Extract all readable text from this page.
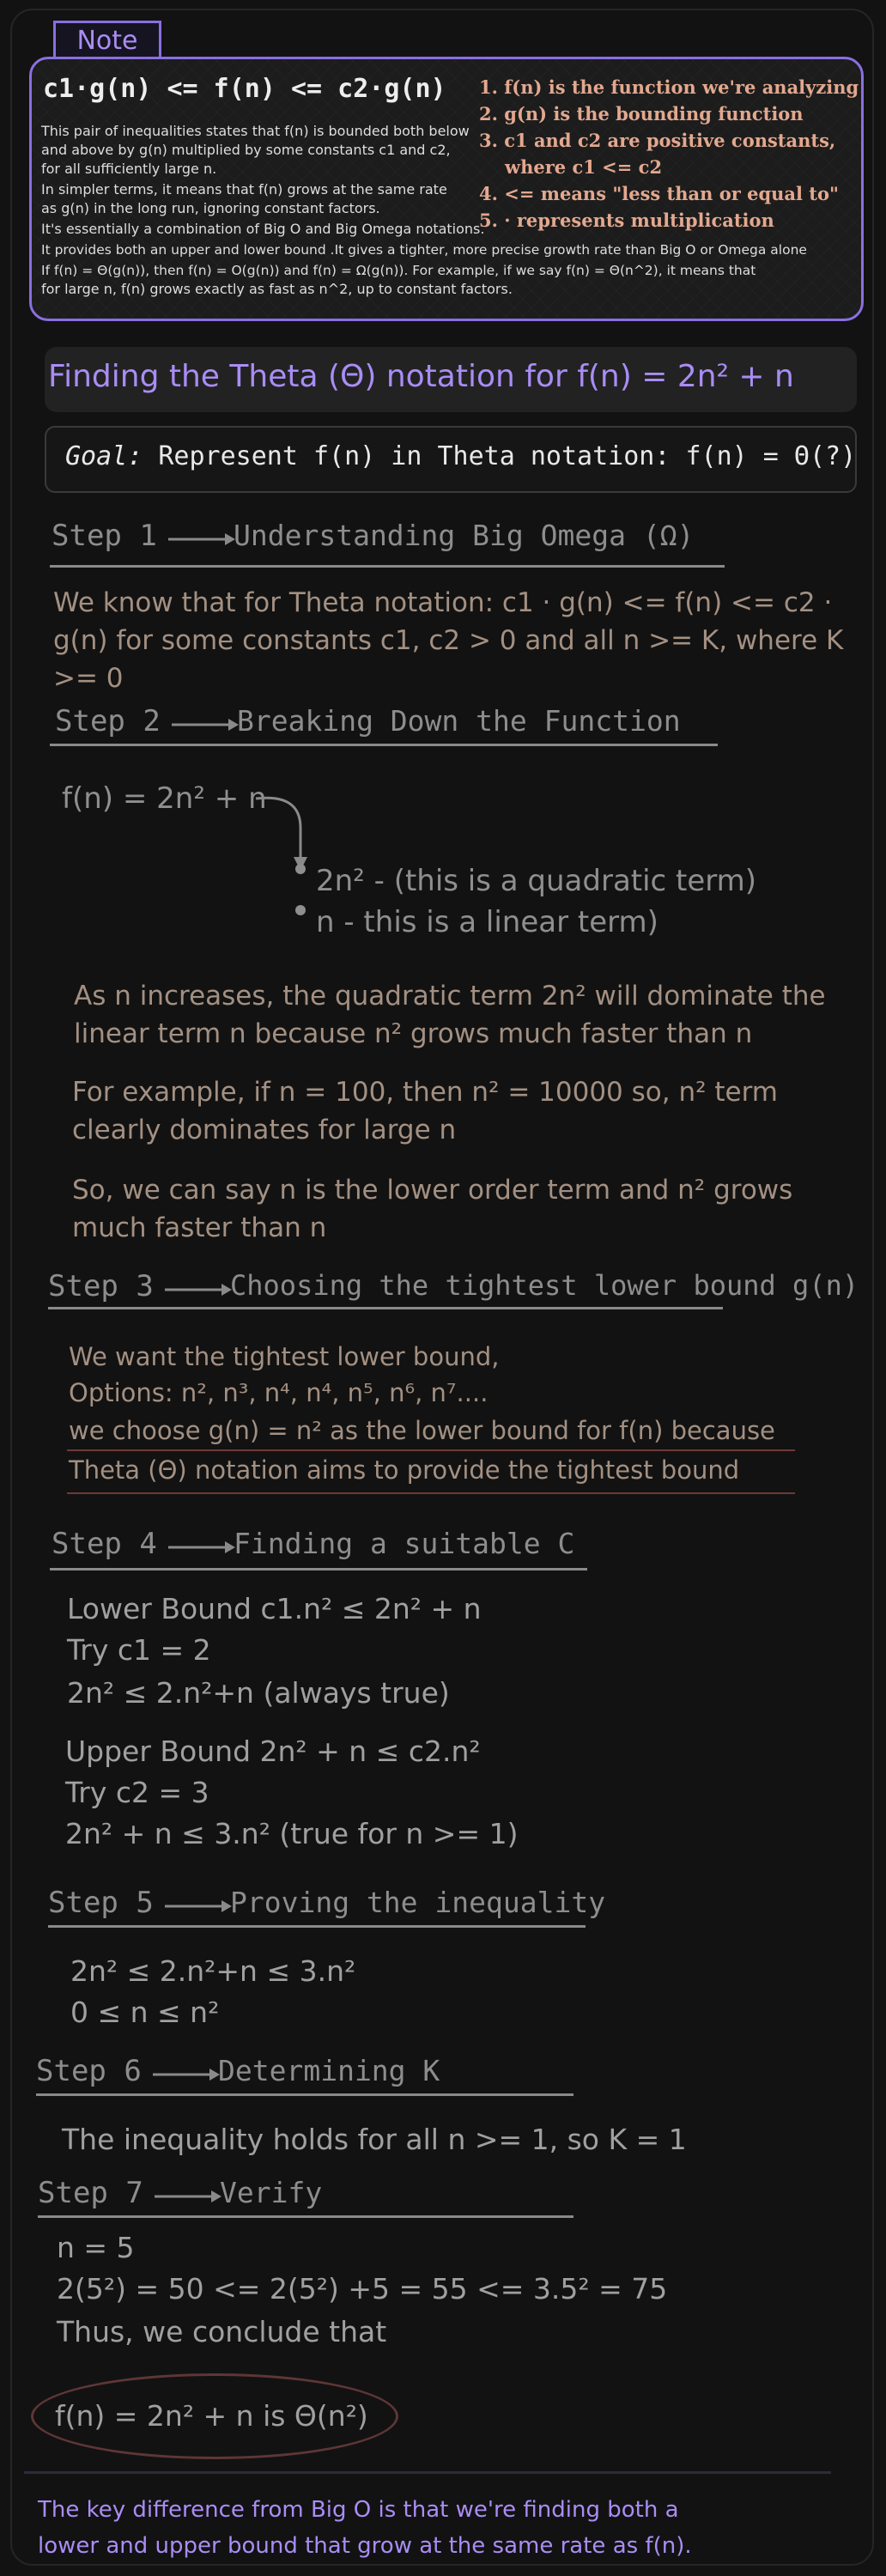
Note
c1·g(n) <= f(n) <= c2·g(n)
This pair of inequalities states that f(n) is bounded both below
and above by g(n) multiplied by some constants c1 and c2,
for all sufficiently large n.
In simpler terms, it means that f(n) grows at the same rate
as g(n) in the long run, ignoring constant factors.
It's essentially a combination of Big O and Big Omega notations.
It provides both an upper and lower bound .It gives a tighter, more precise growth rate than Big O or Omega alone
If f(n) = Θ(g(n)), then f(n) = O(g(n)) and f(n) = Ω(g(n)). For example, if we say f(n) = Θ(n^2), it means that
for large n, f(n) grows exactly as fast as n^2, up to constant factors.
1. f(n) is the function we're analyzing
2. g(n) is the bounding function
3. c1 and c2 are positive constants,
where c1 <= c2
4. <= means "less than or equal to"
5. · represents multiplication
Finding the Theta (Θ) notation for f(n) = 2n² + n
Goal: Represent f(n) in Theta notation: f(n) = Θ(?)
Step 1	Understanding Big Omega (Ω)
We know that for Theta notation: c1 · g(n) <= f(n) <= c2 ·
g(n) for some constants c1, c2 > 0 and all n >= K, where K
>= 0
Step 2	Breaking Down the Function
f(n) = 2n² + n
2n² - (this is a quadratic term)
n - this is a linear term)
As n increases, the quadratic term 2n² will dominate the
linear term n because n² grows much faster than n
For example, if n = 100, then n² = 10000 so, n² term
clearly dominates for large n
So, we can say n is the lower order term and n² grows
much faster than n
Step 3	Choosing the tightest lower bound g(n)
We want the tightest lower bound,
Options: n², n³, n⁴, n⁴, n⁵, n⁶, n⁷....
we choose g(n) = n² as the lower bound for f(n) because
Theta (Θ) notation aims to provide the tightest bound
Step 4	Finding a suitable C
Lower Bound c1.n² ≤ 2n² + n
Try c1 = 2
2n² ≤ 2.n²+n (always true)
Upper Bound 2n² + n ≤ c2.n²
Try c2 = 3
2n² + n ≤ 3.n² (true for n >= 1)
Step 5	Proving the inequality
2n² ≤ 2.n²+n ≤ 3.n²
0 ≤ n ≤ n²
Step 6	Determining K
The inequality holds for all n >= 1, so K = 1
Step 7	Verify
n = 5
2(5²) = 50 <= 2(5²) +5 = 55 <= 3.5² = 75
Thus, we conclude that
f(n) = 2n² + n is Θ(n²)
The key difference from Big O is that we're finding both a
lower and upper bound that grow at the same rate as f(n).
